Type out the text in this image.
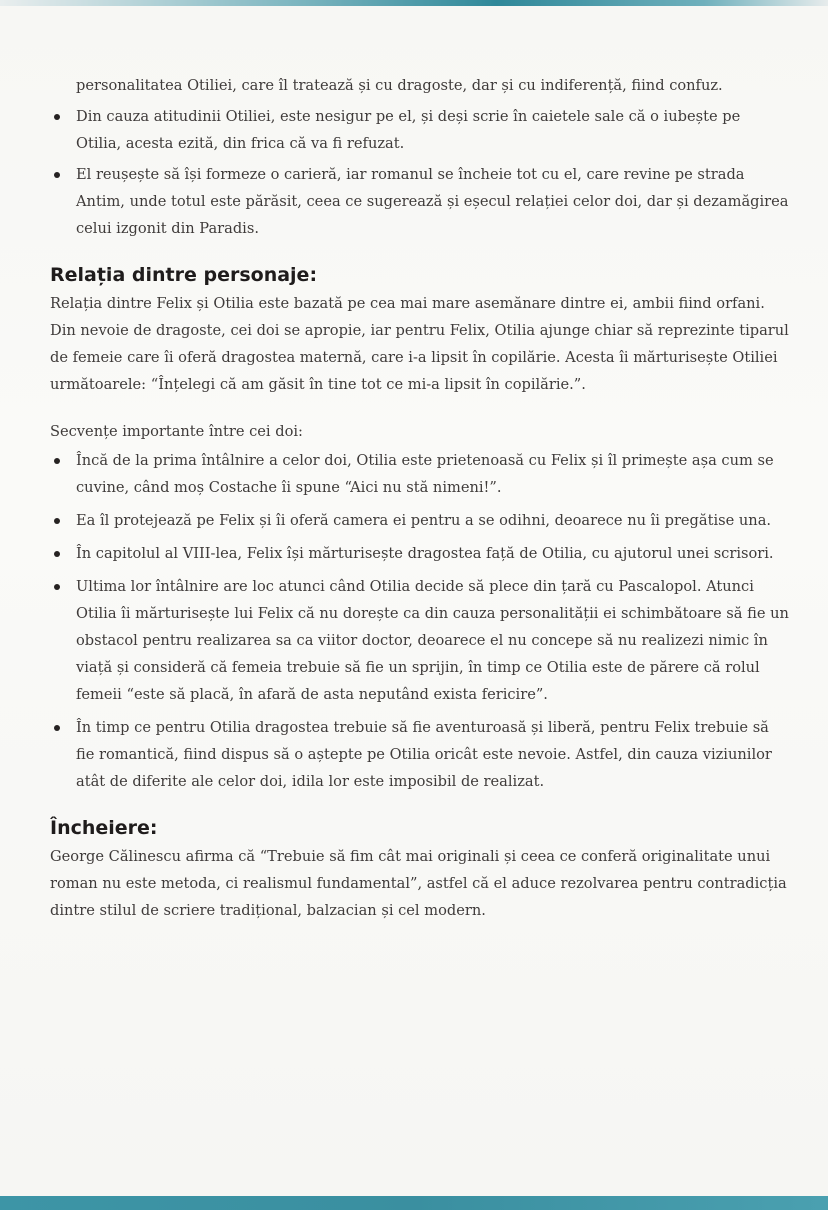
personalitatea Otiliei, care îl tratează și cu dragoste, dar și cu indiferență, fiind confuz.

Din cauza atitudinii Otiliei, este nesigur pe el, și deși scrie în caietele sale că o iubește pe Otilia, acesta ezită, din frica că va fi refuzat.
El reușește să își formeze o carieră, iar romanul se încheie tot cu el, care revine pe strada Antim, unde totul este părăsit, ceea ce sugerează și eșecul relației celor doi, dar și dezamăgirea celui izgonit din Paradis.
Relația dintre personaje:

Relația dintre Felix și Otilia este bazată pe cea mai mare asemănare dintre ei, ambii fiind orfani. Din nevoie de dragoste, cei doi se apropie, iar pentru Felix, Otilia ajunge chiar să reprezinte tiparul de femeie care îi oferă dragostea maternă, care i-a lipsit în copilărie. Acesta îi mărturisește Otiliei următoarele: “Înțelegi că am găsit în tine tot ce mi-a lipsit în copilărie.”.

Secvențe importante între cei doi:

Încă de la prima întâlnire a celor doi, Otilia este prietenoasă cu Felix și îl primește așa cum se cuvine, când moș Costache îi spune “Aici nu stă nimeni!”.
Ea îl protejează pe Felix și îi oferă camera ei pentru a se odihni, deoarece nu îi pregătise una.
În capitolul al VIII-lea, Felix își mărturisește dragostea față de Otilia, cu ajutorul unei scrisori.
Ultima lor întâlnire are loc atunci când Otilia decide să plece din țară cu Pascalopol. Atunci Otilia îi mărturisește lui Felix că nu dorește ca din cauza personalității ei schimbătoare să fie un obstacol pentru realizarea sa ca viitor doctor, deoarece el nu concepe să nu realizezi nimic în viață și consideră că femeia trebuie să fie un sprijin, în timp ce Otilia este de părere că rolul femeii “este să placă, în afară de asta neputând exista fericire”.
În timp ce pentru Otilia dragostea trebuie să fie aventuroasă și liberă, pentru Felix trebuie să fie romantică, fiind dispus să o aștepte pe Otilia oricât este nevoie. Astfel, din cauza viziunilor atât de diferite ale celor doi, idila lor este imposibil de realizat.
Încheiere:

George Călinescu afirma că “Trebuie să fim cât mai originali și ceea ce conferă originalitate unui roman nu este metoda, ci realismul fundamental”, astfel că el aduce rezolvarea pentru contradicția dintre stilul de scriere tradițional, balzacian și cel modern.
